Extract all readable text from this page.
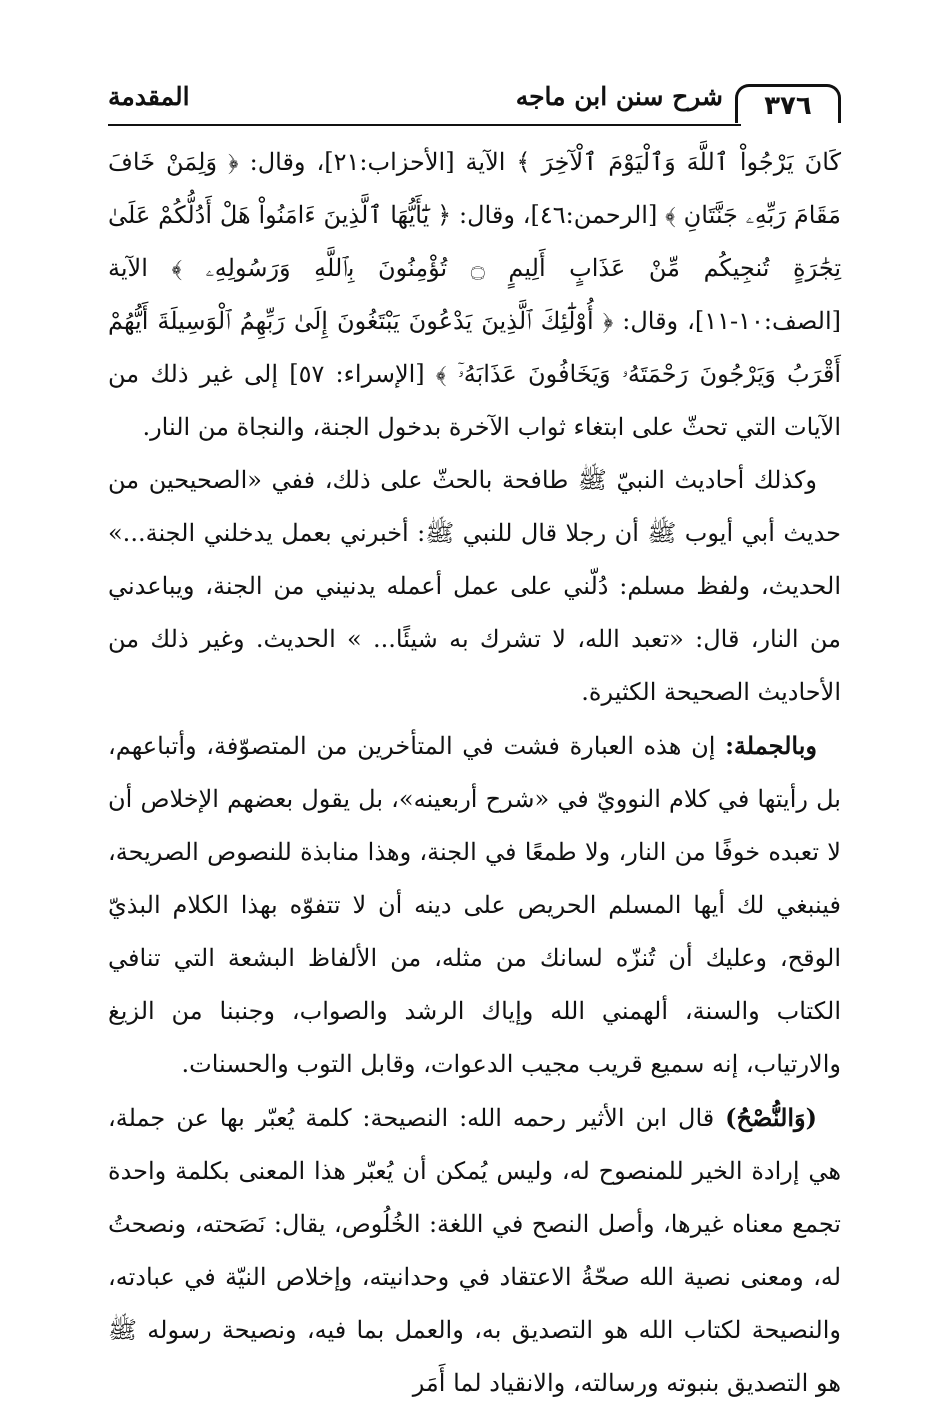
٣٧٦
شرح سنن ابن ماجه
المقدمة

كَانَ يَرْجُواْ ٱللَّهَ وَٱلْيَوْمَ ٱلْآخِرَ ﴾ الآية [الأحزاب:٢١]، وقال: ﴿ وَلِمَنْ خَافَ مَقَامَ رَبِّهِۦ جَنَّتَانِ ﴾ [الرحمن:٤٦]، وقال: ﴿ يَٰٓأَيُّهَا ٱلَّذِينَ ءَامَنُواْ هَلْ أَدُلُّكُمْ عَلَىٰ تِجَٰرَةٍ تُنجِيكُم مِّنْ عَذَابٍ أَلِيمٍ ۝ تُؤْمِنُونَ بِٱللَّهِ وَرَسُولِهِۦ ﴾ الآية [الصف:١٠-١١]، وقال: ﴿ أُوْلَٰٓئِكَ ٱلَّذِينَ يَدْعُونَ يَبْتَغُونَ إِلَىٰ رَبِّهِمُ ٱلْوَسِيلَةَ أَيُّهُمْ أَقْرَبُ وَيَرْجُونَ رَحْمَتَهُۥ وَيَخَافُونَ عَذَابَهُۥٓ ﴾ [الإسراء: ٥٧] إلى غير ذلك من الآيات التي تحثّ على ابتغاء ثواب الآخرة بدخول الجنة، والنجاة من النار.

وكذلك أحاديث النبيّ ﷺ طافحة بالحثّ على ذلك، ففي «الصحيحين من حديث أبي أيوب ﷺ أن رجلا قال للنبي ﷺ: أخبرني بعمل يدخلني الجنة...» الحديث، ولفظ مسلم: دُلّني على عمل أعمله يدنيني من الجنة، ويباعدني من النار، قال: «تعبد الله، لا تشرك به شيئًا... » الحديث. وغير ذلك من الأحاديث الصحيحة الكثيرة.

وبالجملة: إن هذه العبارة فشت في المتأخرين من المتصوّفة، وأتباعهم، بل رأيتها في كلام النوويّ في «شرح أربعينه»، بل يقول بعضهم الإخلاص أن لا تعبده خوفًا من النار، ولا طمعًا في الجنة، وهذا منابذة للنصوص الصريحة، فينبغي لك أيها المسلم الحريص على دينه أن لا تتفوّه بهذا الكلام البذيّ الوقح، وعليك أن تُنزّه لسانك من مثله، من الألفاظ البشعة التي تنافي الكتاب والسنة، ألهمني الله وإياك الرشد والصواب، وجنبنا من الزيغ والارتياب، إنه سميع قريب مجيب الدعوات، وقابل التوب والحسنات.

(وَالنُّصْحُ) قال ابن الأثير رحمه الله: النصيحة: كلمة يُعبّر بها عن جملة، هي إرادة الخير للمنصوح له، وليس يُمكن أن يُعبّر هذا المعنى بكلمة واحدة تجمع معناه غيرها، وأصل النصح في اللغة: الخُلُوص، يقال: نَصَحته، ونصحتُ له، ومعنى نصية الله صحّةُ الاعتقاد في وحدانيته، وإخلاص النيّة في عبادته، والنصيحة لكتاب الله هو التصديق به، والعمل بما فيه، ونصيحة رسوله ﷺ هو التصديق بنبوته ورسالته، والانقياد لما أَمَر
